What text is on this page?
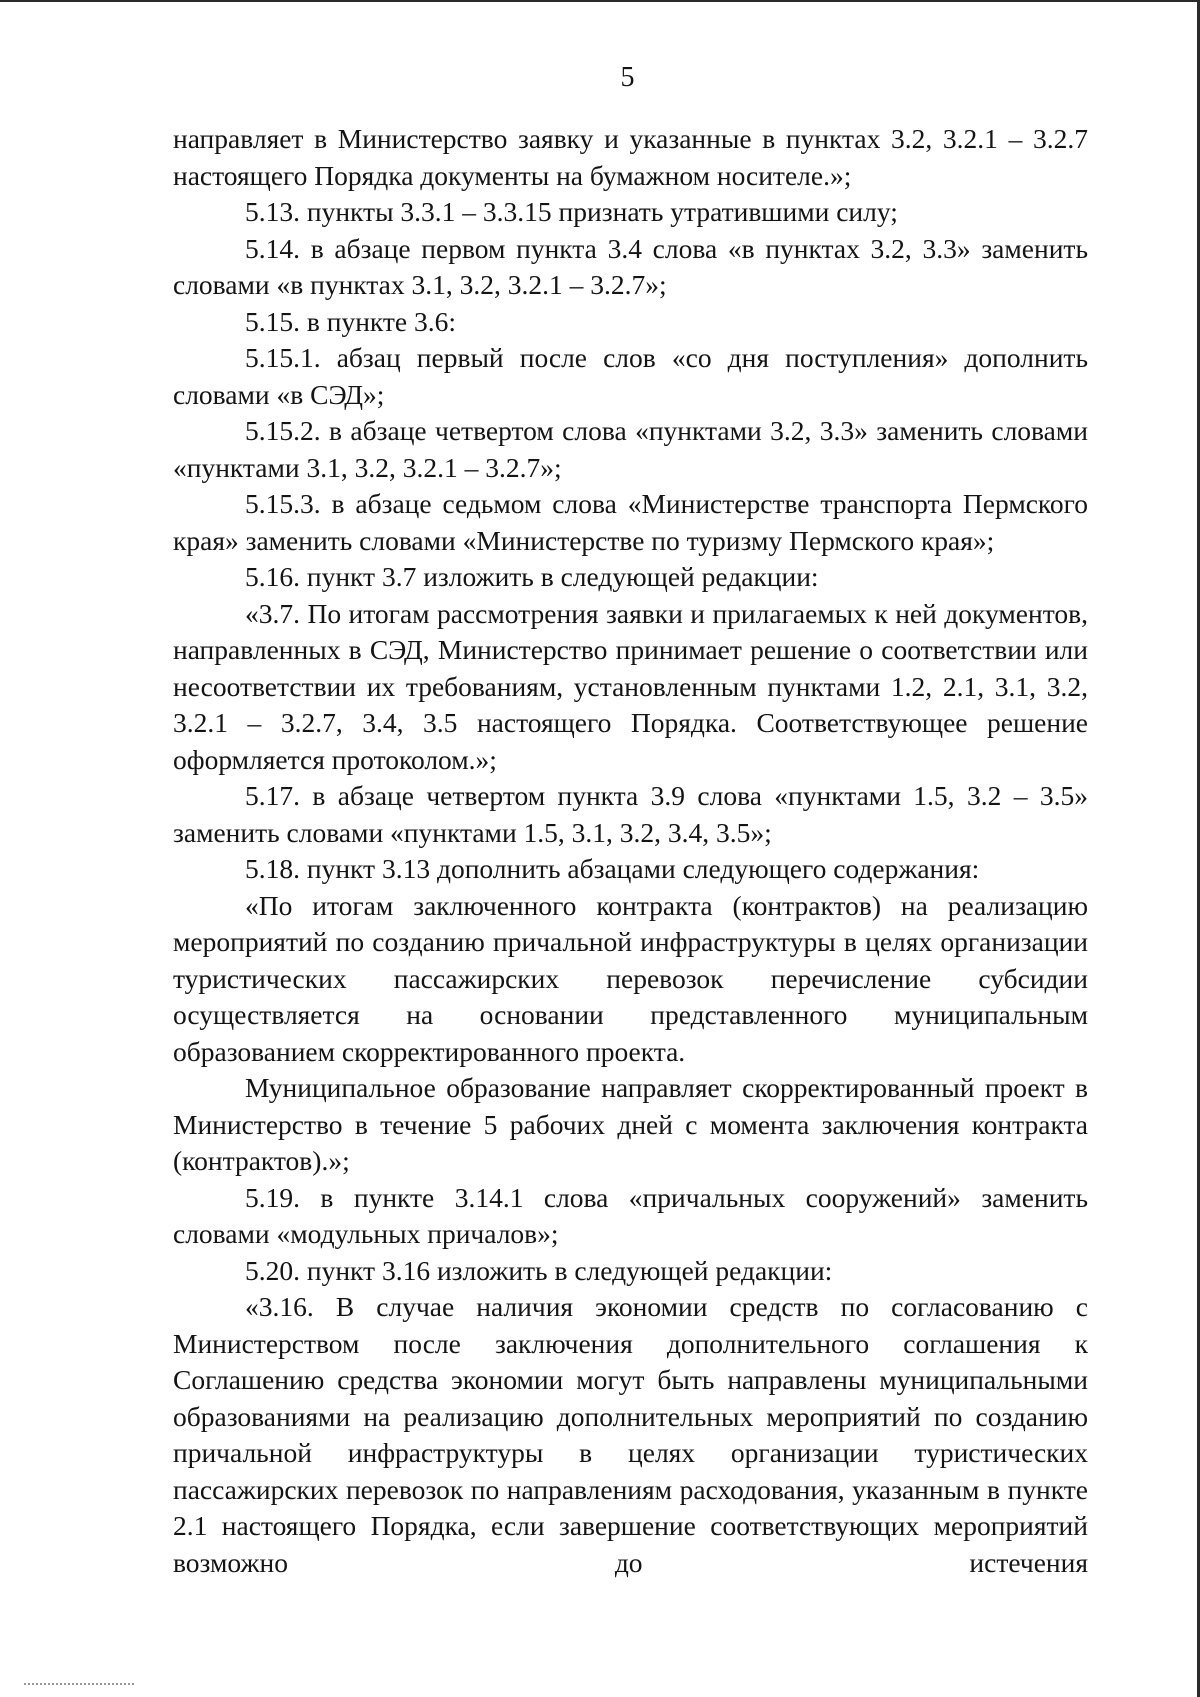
5

направляет в Министерство заявку и указанные в пунктах 3.2, 3.2.1 – 3.2.7 настоящего Порядка документы на бумажном носителе.»;

5.13. пункты 3.3.1 – 3.3.15 признать утратившими силу;

5.14. в абзаце первом пункта 3.4 слова «в пунктах 3.2, 3.3» заменить словами «в пунктах 3.1, 3.2, 3.2.1 – 3.2.7»;

5.15. в пункте 3.6:

5.15.1. абзац первый после слов «со дня поступления» дополнить словами «в СЭД»;

5.15.2. в абзаце четвертом слова «пунктами 3.2, 3.3» заменить словами «пунктами 3.1, 3.2, 3.2.1 – 3.2.7»;

5.15.3. в абзаце седьмом слова «Министерстве транспорта Пермского края» заменить словами «Министерстве по туризму Пермского края»;

5.16. пункт 3.7 изложить в следующей редакции:

«3.7. По итогам рассмотрения заявки и прилагаемых к ней документов, направленных в СЭД, Министерство принимает решение о соответствии или несоответствии их требованиям, установленным пунктами 1.2, 2.1, 3.1, 3.2, 3.2.1 – 3.2.7, 3.4, 3.5 настоящего Порядка. Соответствующее решение оформляется протоколом.»;

5.17. в абзаце четвертом пункта 3.9 слова «пунктами 1.5, 3.2 – 3.5» заменить словами «пунктами 1.5, 3.1, 3.2, 3.4, 3.5»;

5.18. пункт 3.13 дополнить абзацами следующего содержания:

«По итогам заключенного контракта (контрактов) на реализацию мероприятий по созданию причальной инфраструктуры в целях организации туристических пассажирских перевозок перечисление субсидии осуществляется на основании представленного муниципальным образованием скорректированного проекта.

Муниципальное образование направляет скорректированный проект в Министерство в течение 5 рабочих дней с момента заключения контракта (контрактов).»;

5.19. в пункте 3.14.1 слова «причальных сооружений» заменить словами «модульных причалов»;

5.20. пункт 3.16 изложить в следующей редакции:

«3.16. В случае наличия экономии средств по согласованию с Министерством после заключения дополнительного соглашения к Соглашению средства экономии могут быть направлены муниципальными образованиями на реализацию дополнительных мероприятий по созданию причальной инфраструктуры в целях организации туристических пассажирских перевозок по направлениям расходования, указанным в пункте 2.1 настоящего Порядка, если завершение соответствующих мероприятий возможно до истечения
